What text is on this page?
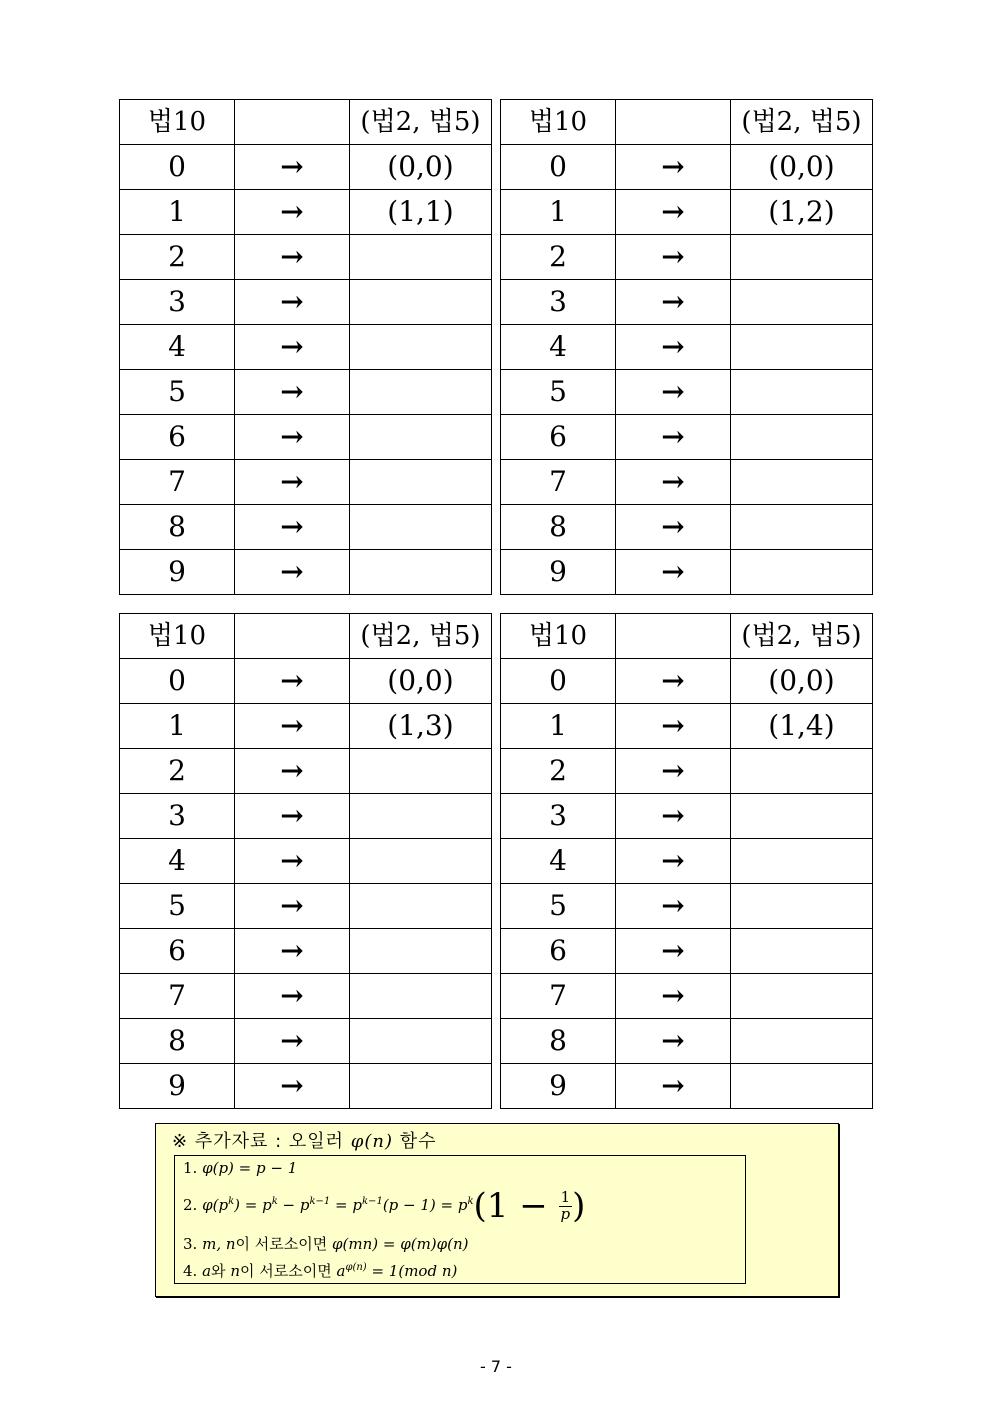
법10		(법2, 법5)
0	→	(0,0)
1	→	(1,1)
2	→	
3	→	
4	→	
5	→	
6	→	
7	→	
8	→	
9	→	
법10		(법2, 법5)
0	→	(0,0)
1	→	(1,2)
2	→	
3	→	
4	→	
5	→	
6	→	
7	→	
8	→	
9	→	
법10		(법2, 법5)
0	→	(0,0)
1	→	(1,3)
2	→	
3	→	
4	→	
5	→	
6	→	
7	→	
8	→	
9	→	
법10		(법2, 법5)
0	→	(0,0)
1	→	(1,4)
2	→	
3	→	
4	→	
5	→	
6	→	
7	→	
8	→	
9	→	
※ 추가자료 : 오일러 φ(n) 함수
1. φ(p) = p − 1
2. $\varphi(p^k) = p^k - p^{k-1} = p^{k-1}(p - 1) = p^k(1 - \frac{1}{p}$ )
3. m, n이 서로소이면 φ(mn) = φ(m)φ(n)
4. a와 n이 서로소이면 $a^{\varphi(n)} = 1(mod$ n)
- 7 -
